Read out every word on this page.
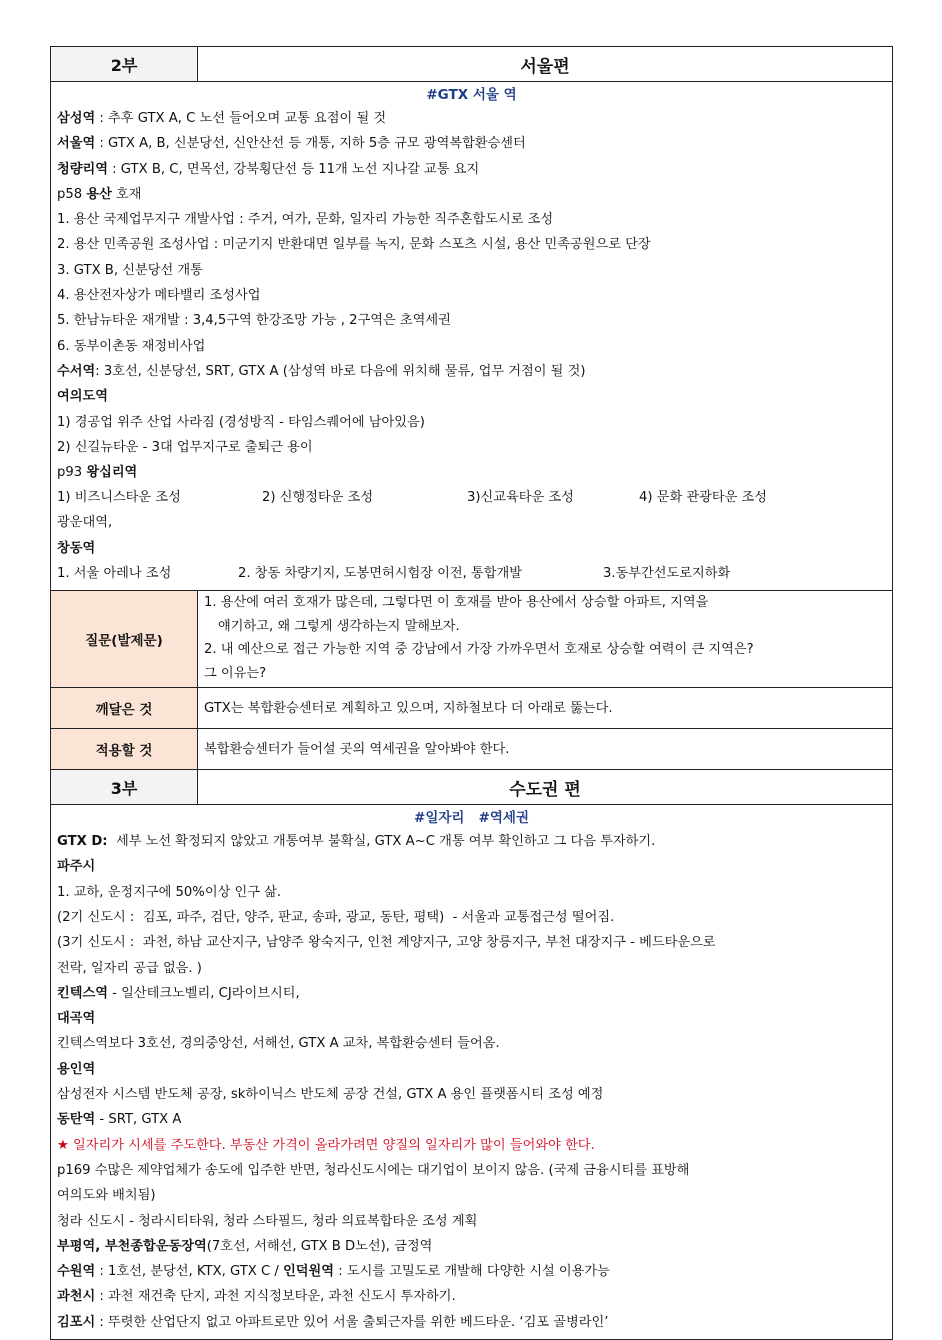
2부	서울편
#GTX 서울 역
삼성역 : 추후 GTX A, C 노선 들어오며 교통 요점이 될 것
서울역 : GTX A, B, 신분당선, 신안산선 등 개통, 지하 5층 규모 광역복합환승센터
청량리역 : GTX B, C, 면목선, 강북횡단선 등 11개 노선 지나갈 교통 요지
p58 용산 호재
1. 용산 국제업무지구 개발사업 : 주거, 여가, 문화, 일자리 가능한 직주혼합도시로 조성
2. 용산 민족공원 조성사업 : 미군기지 반환대면 일부를 녹지, 문화 스포츠 시설, 용산 민족공원으로 단장
3. GTX B, 신분당선 개통
4. 용산전자상가 메타밸리 조성사업
5. 한남뉴타운 재개발 : 3,4,5구역 한강조망 가능 , 2구역은 초역세권
6. 동부이촌동 재정비사업
수서역: 3호선, 신분당선, SRT, GTX A (삼성역 바로 다음에 위치해 물류, 업무 거점이 될 것)
여의도역
1) 경공업 위주 산업 사라짐 (경성방직 - 타임스퀘어에 남아있음)
2) 신길뉴타운 - 3대 업무지구로 출퇴근 용이
p93 왕십리역
1) 비즈니스타운 조성	2) 신행정타운 조성	3)신교육타운 조성	4) 문화 관광타운 조성
광운대역,
창동역
1. 서울 아레나 조성	2. 창동 차량기지, 도봉면허시험장 이전, 통합개발	3.동부간선도로지하화
질문(발제문)
1. 용산에 여러 호재가 많은데, 그렇다면 이 호재를 받아 용산에서 상승할 아파트, 지역을
얘기하고, 왜 그렇게 생각하는지 말해보자.
2. 내 예산으로 접근 가능한 지역 중 강남에서 가장 가까우면서 호재로 상승할 여력이 큰 지역은?
그 이유는?
깨달은 것	GTX는 복합환승센터로 계획하고 있으며, 지하철보다 더 아래로 뚫는다.
적용할 것	복합환승센터가 들어설 곳의 역세권을 알아봐야 한다.
3부	수도권 편
#일자리   #역세권
GTX D:  세부 노선 확정되지 않았고 개통여부 불확실, GTX A~C 개통 여부 확인하고 그 다음 투자하기.
파주시
1. 교하, 운정지구에 50%이상 인구 삶.
(2기 신도시 :  김포, 파주, 검단, 양주, 판교, 송파, 광교, 동탄, 평택)  - 서울과 교통접근성 떨어짐.
(3기 신도시 :  과천, 하남 교산지구, 남양주 왕숙지구, 인천 계양지구, 고양 창릉지구, 부천 대장지구 - 베드타운으로
전락, 일자리 공급 없음. )
킨텍스역 - 일산테크노벨리, CJ라이브시티,
대곡역
킨텍스역보다 3호선, 경의중앙선, 서해선, GTX A 교차, 복합환승센터 들어옴.
용인역
삼성전자 시스템 반도체 공장, sk하이닉스 반도체 공장 건설, GTX A 용인 플랫폼시티 조성 예정
동탄역 - SRT, GTX A
★ 일자리가 시세를 주도한다. 부동산 가격이 올라가려면 양질의 일자리가 많이 들어와야 한다.
p169 수많은 제약업체가 송도에 입주한 반면, 청라신도시에는 대기업이 보이지 않음. (국제 금융시티를 표방해
여의도와 배치됨)
청라 신도시 - 청라시티타워, 청라 스타필드, 청라 의료복합타운 조성 계획
부평역, 부천종합운동장역(7호선, 서해선, GTX B D노선), 금정역
수원역 : 1호선, 분당선, KTX, GTX C / 인덕원역 : 도시를 고밀도로 개발해 다양한 시설 이용가능
과천시 : 과천 재건축 단지, 과천 지식정보타운, 과천 신도시 투자하기.
김포시 : 뚜렷한 산업단지 없고 아파트로만 있어 서울 출퇴근자를 위한 베드타운. ‘김포 골병라인’
